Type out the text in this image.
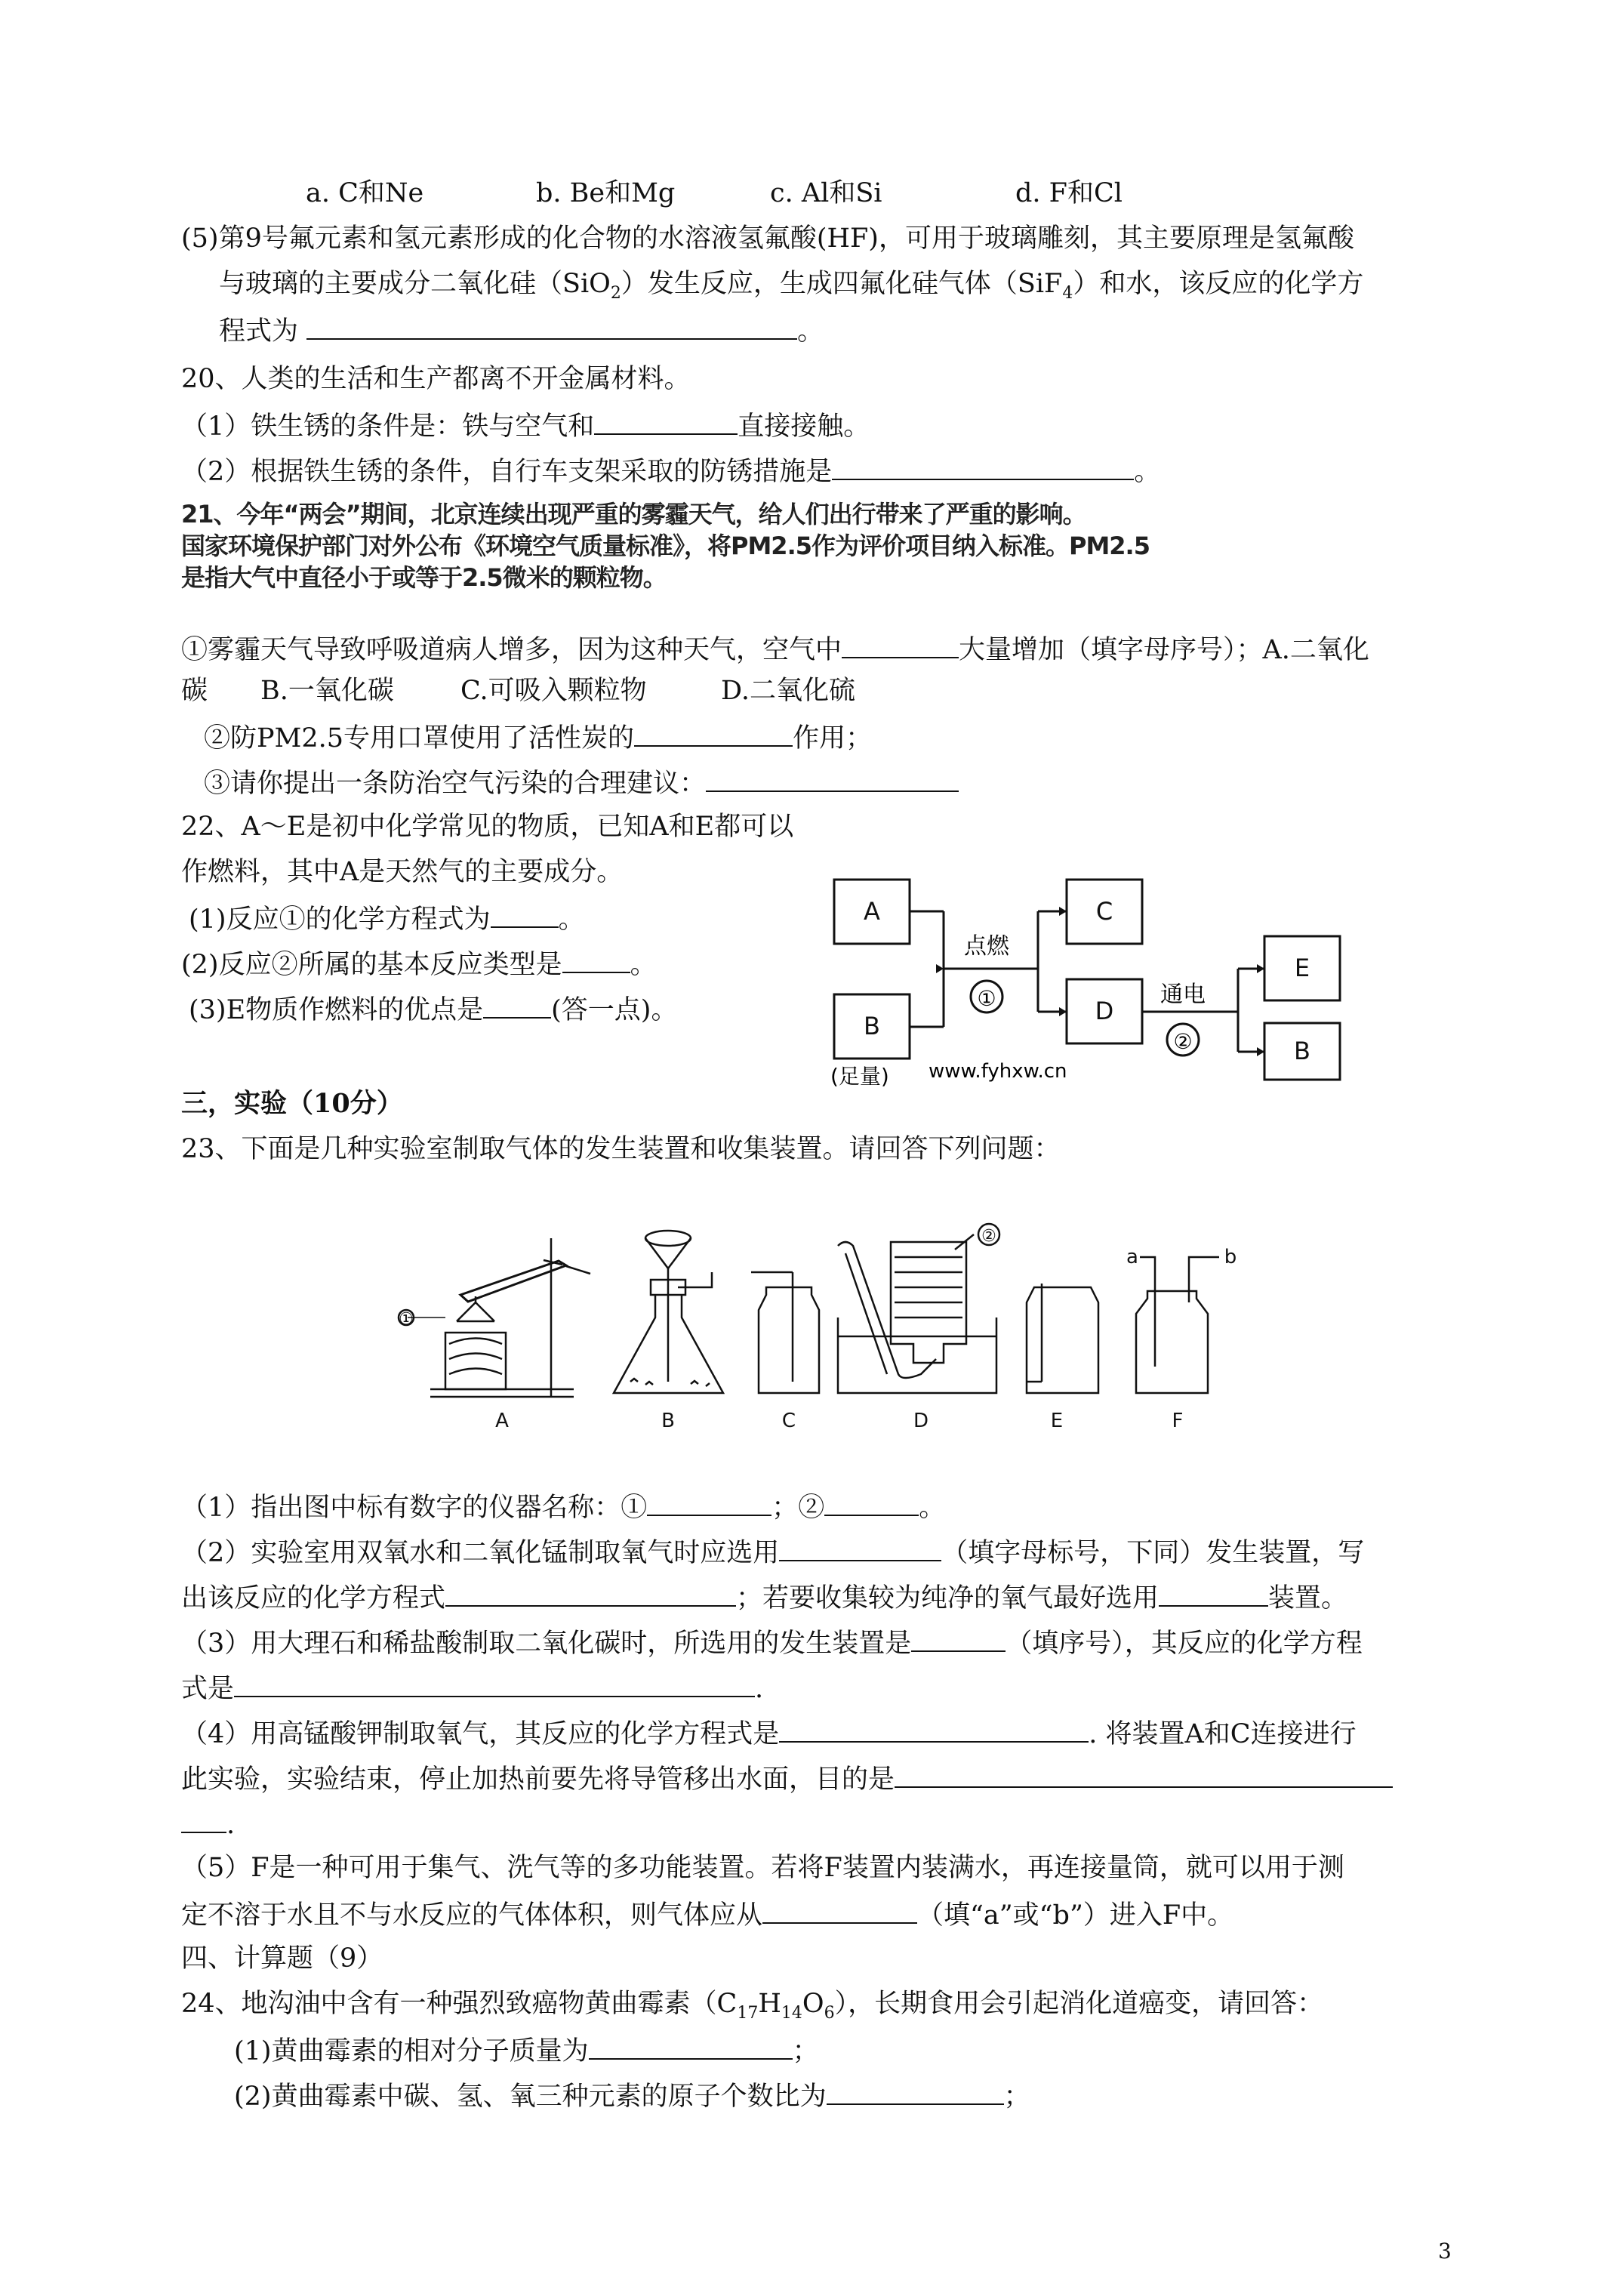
a. C和Ne	b. Be和Mg	c. Al和Si	d. F和Cl
(5)第9号氟元素和氢元素形成的化合物的水溶液氢氟酸(HF)，可用于玻璃雕刻，其主要原理是氢氟酸
与玻璃的主要成分二氧化硅（SiO$_2$）发生反应，生成四氟化硅气体（SiF$_4$）和水，该反应的化学方
程式为	。
20、人类的生活和生产都离不开金属材料。
（1）铁生锈的条件是：铁与空气和	直接接触。
（2）根据铁生锈的条件，自行车支架采取的防锈措施是	。
21、今年“两会”期间，北京连续出现严重的雾霾天气，给人们出行带来了严重的影响。
国家环境保护部门对外公布《环境空气质量标准》，将PM2.5作为评价项目纳入标准。PM2.5
是指大气中直径小于或等于2.5微米的颗粒物。
①雾霾天气导致呼吸道病人增多，因为这种天气，空气中	大量增加（填字母序号）；A.二氧化
碳 B.一氧化碳	C.可吸入颗粒物	D.二氧化硫
②防PM2.5专用口罩使用了活性炭的	作用；
③请你提出一条防治空气污染的合理建议：
22、A～E是初中化学常见的物质，已知A和E都可以
作燃料，其中A是天然气的主要成分。
(1)反应①的化学方程式为	。
(2)反应②所属的基本反应类型是	。
(3)E物质作燃料的优点是	(答一点)。
A
B
C
D
E
B
点燃
①	通电
②
(足量) www.fyhxw.cn
三，实验（10分）
23、下面是几种实验室制取气体的发生装置和收集装置。请回答下列问题：
A	B	C	D	E	F
①
②
a	b
（1）指出图中标有数字的仪器名称：①	；②	。
（2）实验室用双氧水和二氧化锰制取氧气时应选用	（填字母标号，下同）发生装置，写
出该反应的化学方程式	；若要收集较为纯净的氧气最好选用	装置。
（3）用大理石和稀盐酸制取二氧化碳时，所选用的发生装置是	（填序号），其反应的化学方程
式是	.
（4）用高锰酸钾制取氧气，其反应的化学方程式是	. 将装置A和C连接进行
此实验，实验结束，停止加热前要先将导管移出水面，目的是
.
（5）F是一种可用于集气、洗气等的多功能装置。若将F装置内装满水，再连接量筒，就可以用于测
定不溶于水且不与水反应的气体体积，则气体应从	（填“a”或“b”）进入F中。
四、计算题（9）
24、地沟油中含有一种强烈致癌物黄曲霉素$(C_{17}H_{14}O_6)$，长期食用会引起消化道癌变，请回答：
(1)黄曲霉素的相对分子质量为	；
(2)黄曲霉素中碳、氢、氧三种元素的原子个数比为	；
3
